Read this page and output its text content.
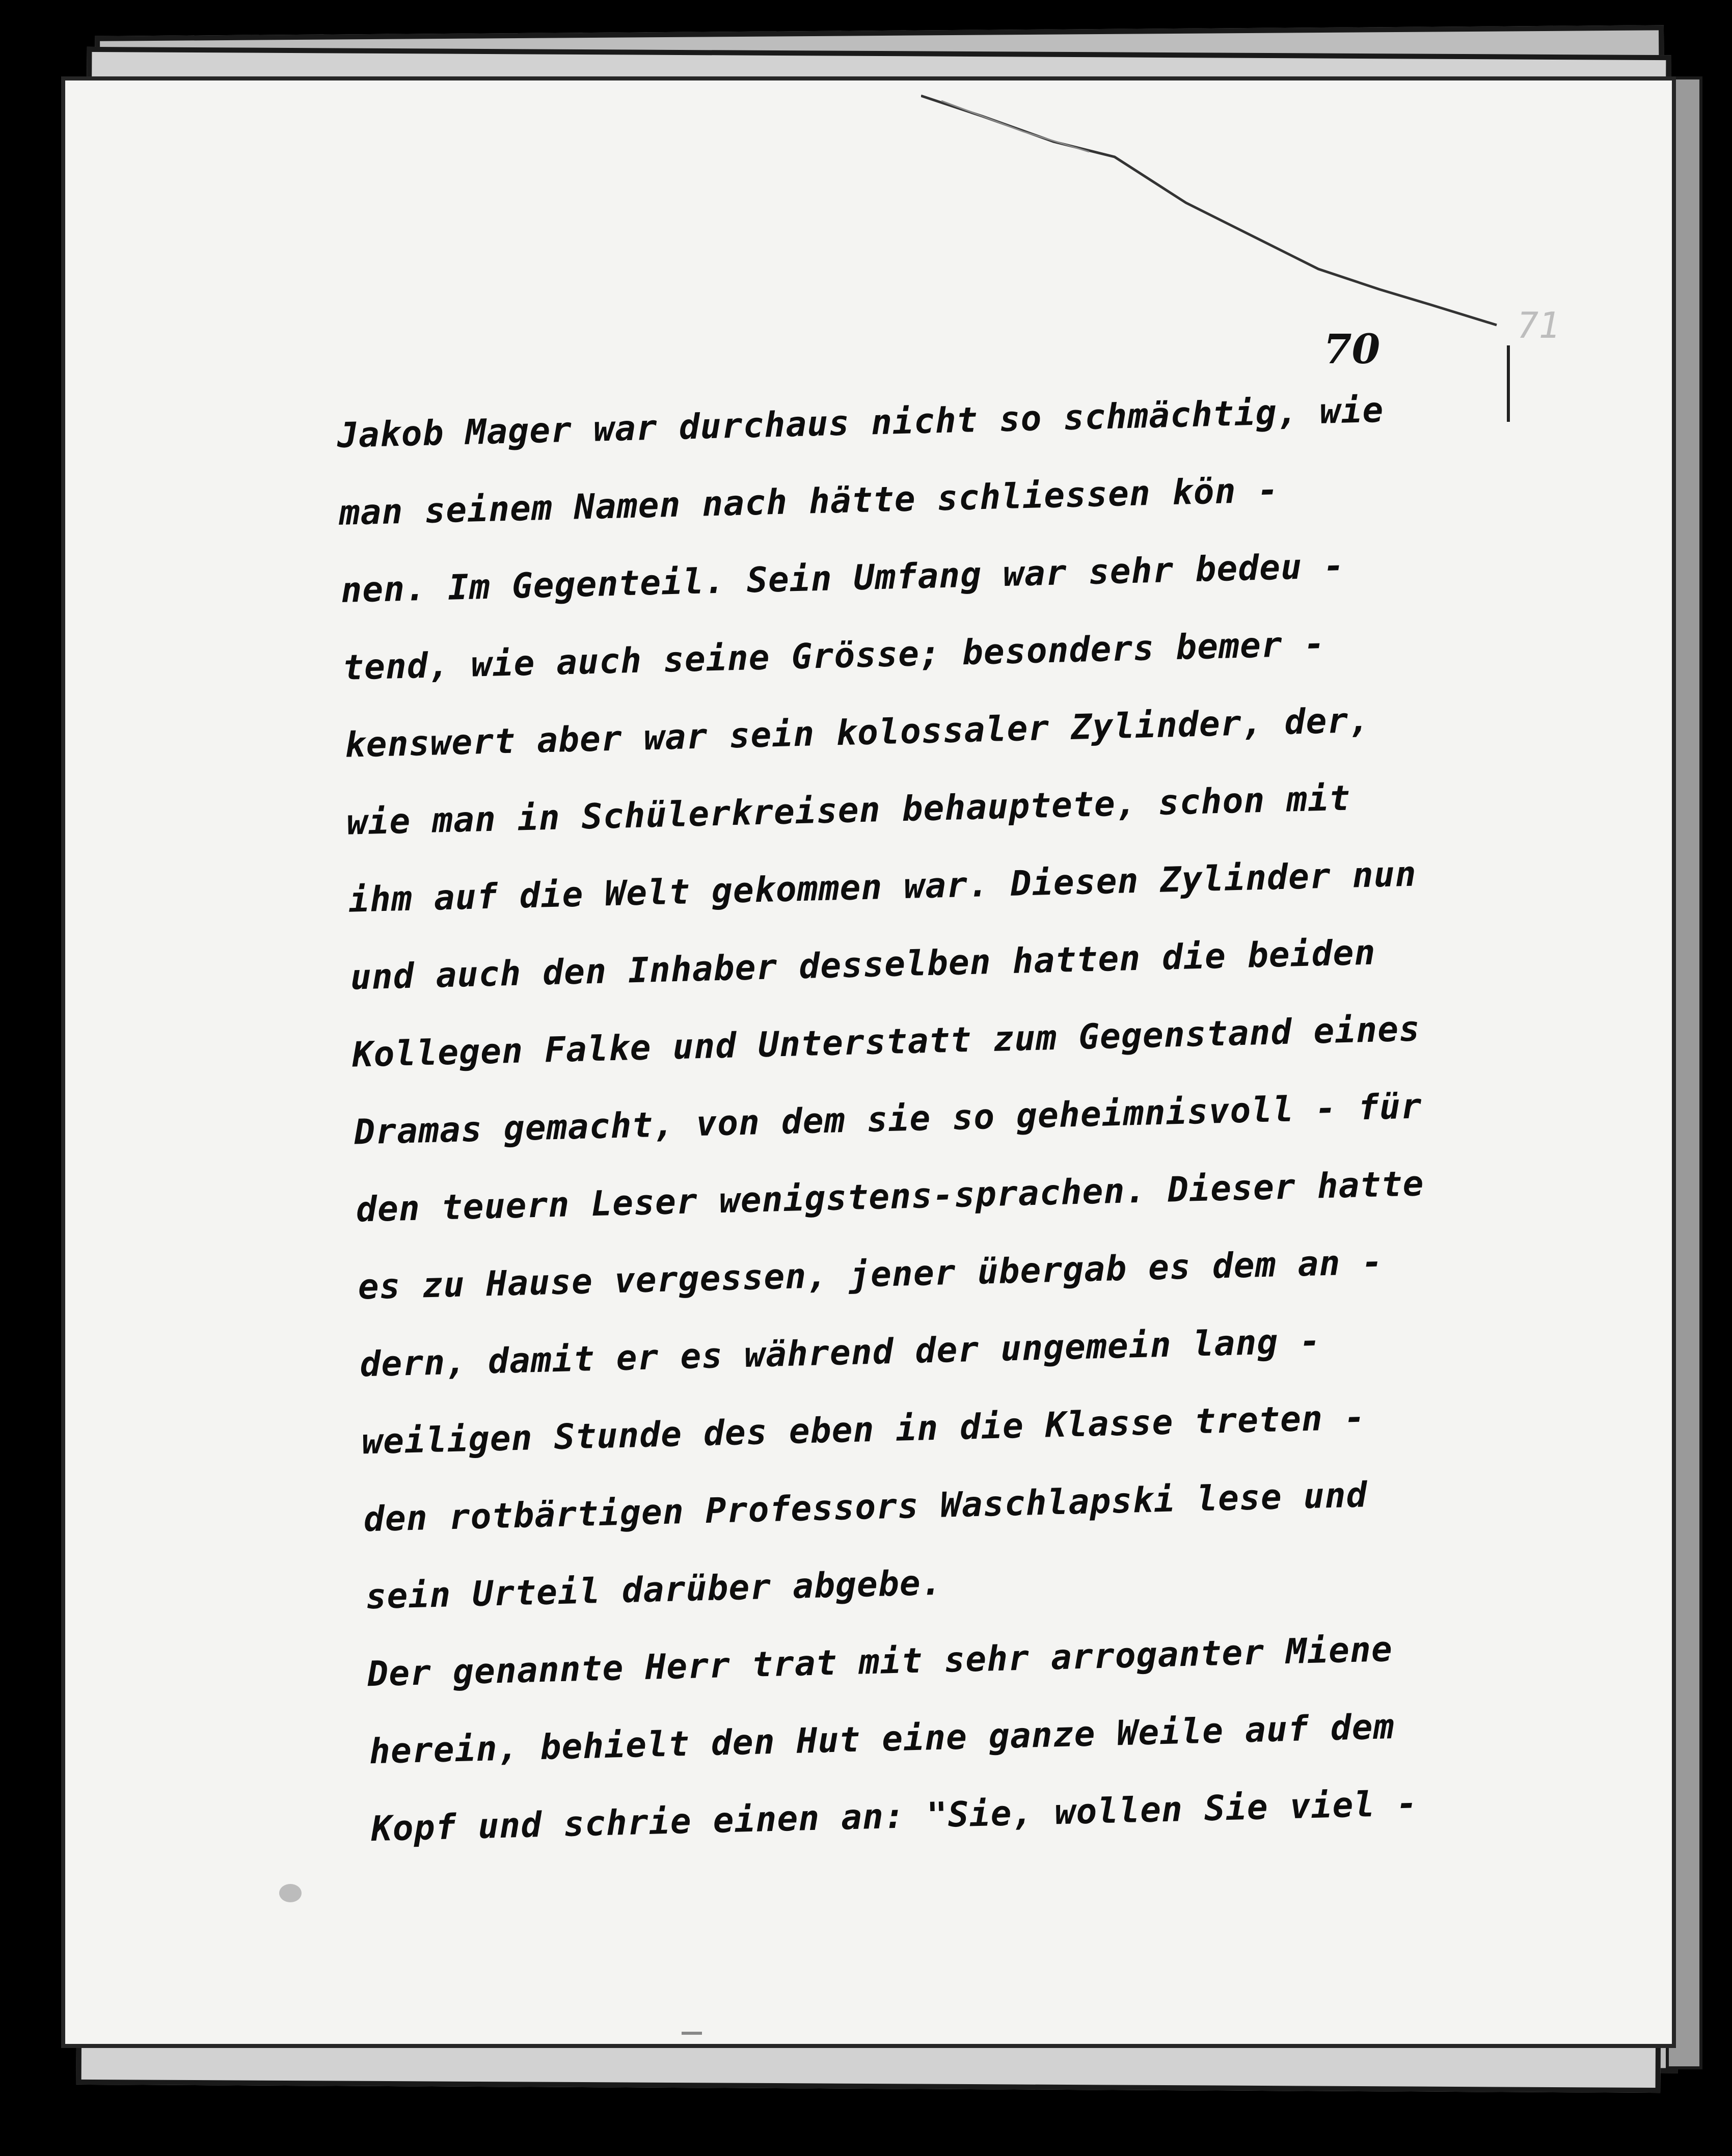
71
70
Jakob Mager war durchaus nicht so schmächtig, wie
man seinem Namen nach hätte schliessen kön -
nen. Im Gegenteil. Sein Umfang war sehr bedeu -
tend, wie auch seine Grösse; besonders bemer -
kenswert aber war sein kolossaler Zylinder, der,
wie man in Schülerkreisen behauptete, schon mit
ihm auf die Welt gekommen war. Diesen Zylinder nun
und auch den Inhaber desselben hatten die beiden
Kollegen Falke und Unterstatt zum Gegenstand eines
Dramas gemacht, von dem sie so geheimnisvoll - für
den teuern Leser wenigstens-sprachen. Dieser hatte
es zu Hause vergessen, jener übergab es dem an -
dern, damit er es während der ungemein lang -
weiligen Stunde des eben in die Klasse treten -
den rotbärtigen Professors Waschlapski lese und
sein Urteil darüber abgebe.
Der genannte Herr trat mit sehr arroganter Miene
herein, behielt den Hut eine ganze Weile auf dem
Kopf und schrie einen an: "Sie, wollen Sie viel -
